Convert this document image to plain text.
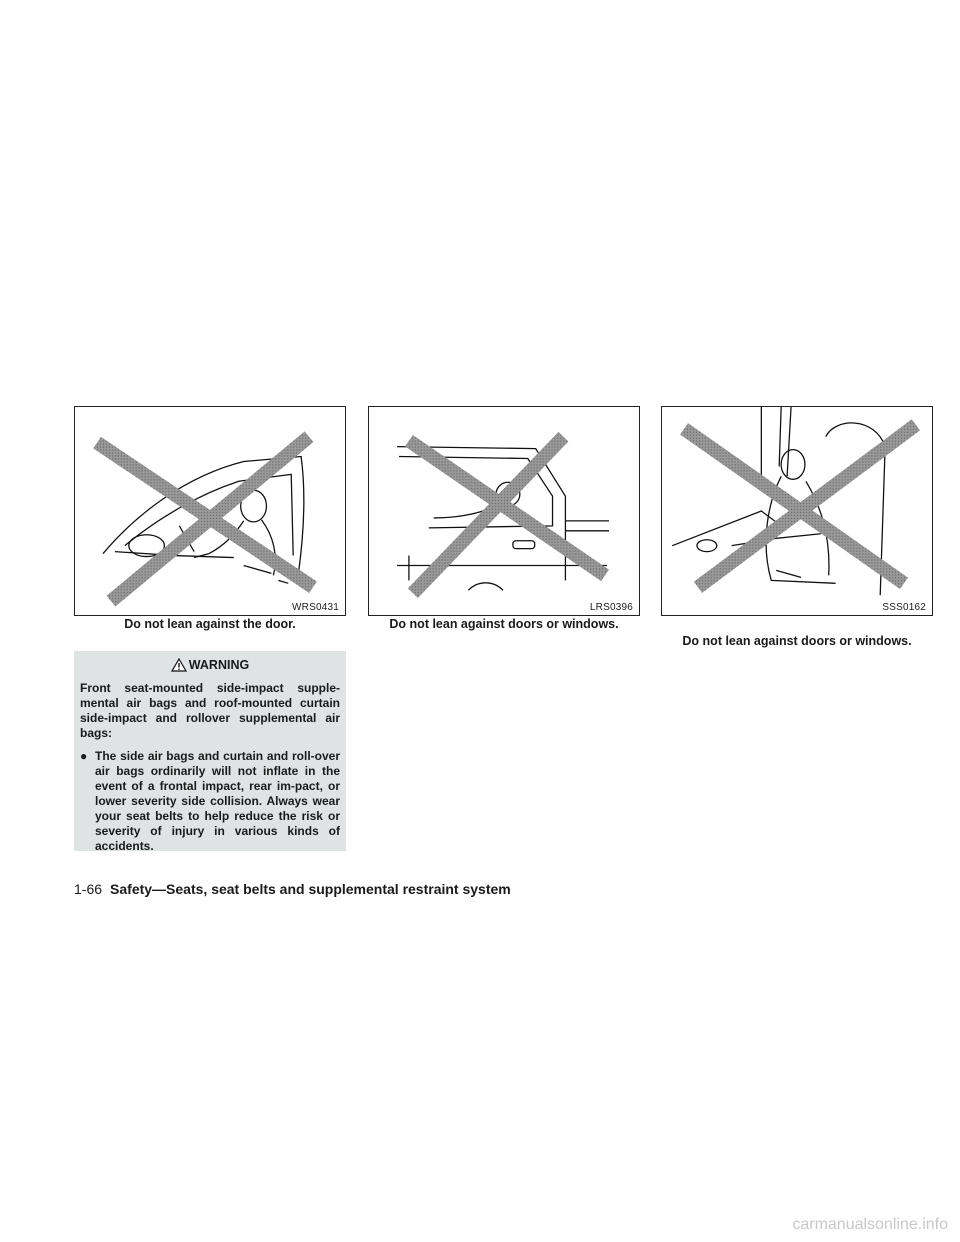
WRS0431
Do not lean against the door.
LRS0396
Do not lean against doors or windows.
SSS0162
Do not lean against doors or windows.
WARNING
Front seat-mounted side-impact supple-mental air bags and roof-mounted curtain side-impact and rollover supplemental air bags:
● The side air bags and curtain and roll-over air bags ordinarily will not inflate in the event of a frontal impact, rear im-pact, or lower severity side collision. Always wear your seat belts to help reduce the risk or severity of injury in various kinds of accidents.
1-66 Safety—Seats, seat belts and supplemental restraint system
carmanualsonline.info
